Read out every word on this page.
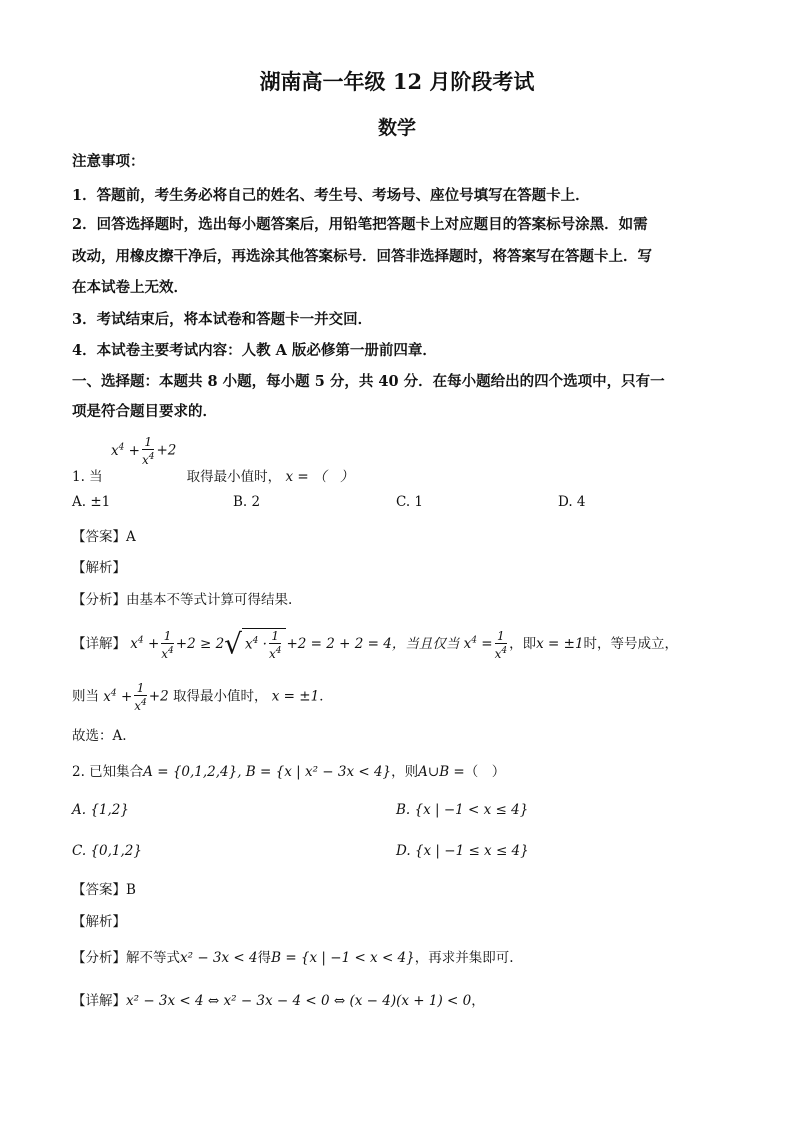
湖南高一年级 12 月阶段考试
数学
注意事项：
1．答题前，考生务必将自己的姓名、考生号、考场号、座位号填写在答题卡上．
2．回答选择题时，选出每小题答案后，用铅笔把答题卡上对应题目的答案标号涂黑．如需
改动，用橡皮擦干净后，再选涂其他答案标号．回答非选择题时，将答案写在答题卡上．写
在本试卷上无效．
3．考试结束后，将本试卷和答题卡一并交回．
4．本试卷主要考试内容：人教 A 版必修第一册前四章．
一、选择题：本题共 8 小题，每小题 5 分，共 40 分．在每小题给出的四个选项中，只有一
项是符合题目要求的．
1. 当 $x^4 + \frac{1}{x^4} +2$ 取得最小值时， x = （　）
A. ±1	B. 2	C. 1	D. 4
【答案】A
【解析】
【分析】由基本不等式计算可得结果.
【详解】 $x^4 + \frac{1}{x^4} +2 \ge 2√$ $x^4 \cdot \frac{1}{x^4} +2 = 2 + 2 = 4$，当且仅当 $x^4 = \frac{1}{x^4}$ ，即x = ±1时，等号成立，
则当 $x^4 + \frac{1}{x^4} +2$ 取得最小值时， x = ±1．
故选：A.
2. 已知集合A = {0,1,2,4}, B = {x | x² − 3x < 4}，则A∪B =（　）
A. {1,2}	B. {x | −1 < x ≤ 4}
C. {0,1,2}	D. {x | −1 ≤ x ≤ 4}
【答案】B
【解析】
【分析】解不等式x² − 3x < 4得B = {x | −1 < x < 4}，再求并集即可.
【详解】x² − 3x < 4 ⇔ x² − 3x − 4 < 0 ⇔ (x − 4)(x + 1) < 0，
